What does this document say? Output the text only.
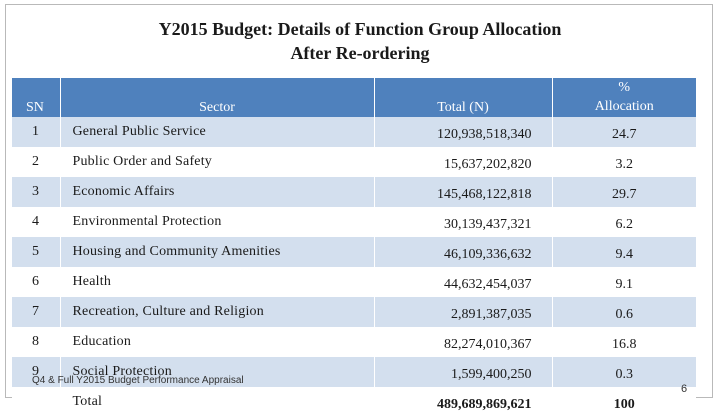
Y2015 Budget: Details of Function Group Allocation
After Re-ordering
SN	Sector	Total (N)	%
Allocation

1	General Public Service	120,938,518,340	24.7
2	Public Order and Safety	15,637,202,820	3.2
3	Economic Affairs	145,468,122,818	29.7
4	Environmental Protection	30,139,437,321	6.2
5	Housing and Community Amenities	46,109,336,632	9.4
6	Health	44,632,454,037	9.1
7	Recreation, Culture and Religion	2,891,387,035	0.6
8	Education	82,274,010,367	16.8
9	Social Protection	1,599,400,250	0.3
	Total	489,689,869,621	100
Q4 & Full Y2015 Budget Performance Appraisal
6
